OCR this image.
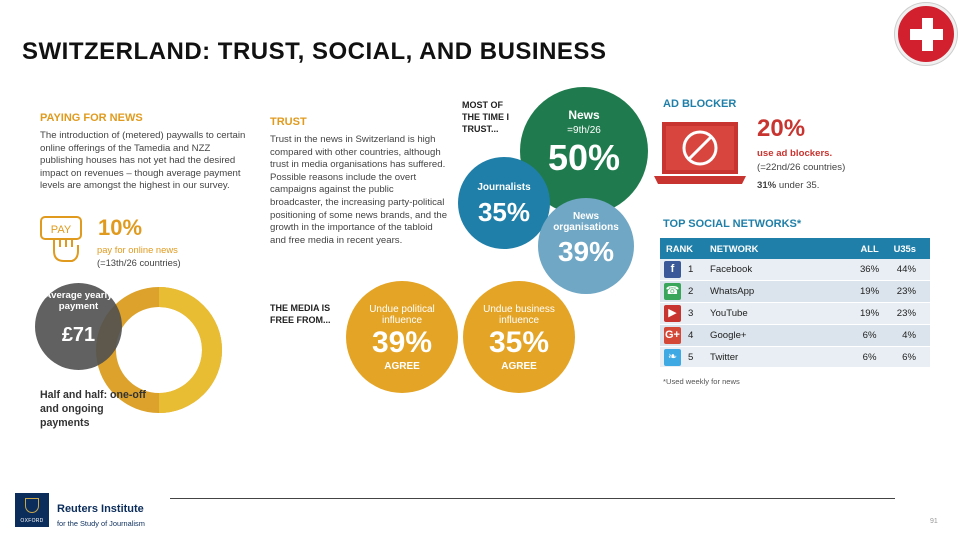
SWITZERLAND: TRUST, SOCIAL, AND BUSINESS
PAYING FOR NEWS
The introduction of (metered) paywalls to certain online offerings of the Tamedia and NZZ publishing houses has not yet had the desired impact on revenues – though average payment levels are amongst the highest in our survey.
PAY 10%
pay for online news
(=13th/26 countries)
Average yearly payment
£71
Half and half: one-off and ongoing payments
TRUST
Trust in the news in Switzerland is high compared with other countries, although trust in media organisations has suffered. Possible reasons include the overt campaigns against the public broadcaster, the increasing party-political positioning of some news brands, and the growth in the importance of the tabloid and free media in recent years.
MOST OF THE TIME I TRUST...
News
=9th/26
50%
Journalists
35%	News organisations
39%
THE MEDIA IS FREE FROM...
Undue political influence
39%
AGREE
Undue business influence
35%
AGREE
AD BLOCKER
20%
use ad blockers.
(=22nd/26 countries)
31% under 35.
TOP SOCIAL NETWORKS*
RANK		NETWORK	ALL	U35s
f	1	Facebook	36%	44%
☎	2	WhatsApp	19%	23%
▶	3	YouTube	19%	23%
G+	4	Google+	6%	4%
❧	5	Twitter	6%	6%
*Used weekly for news
OXFORD
Reuters Institute
for the Study of Journalism	91
